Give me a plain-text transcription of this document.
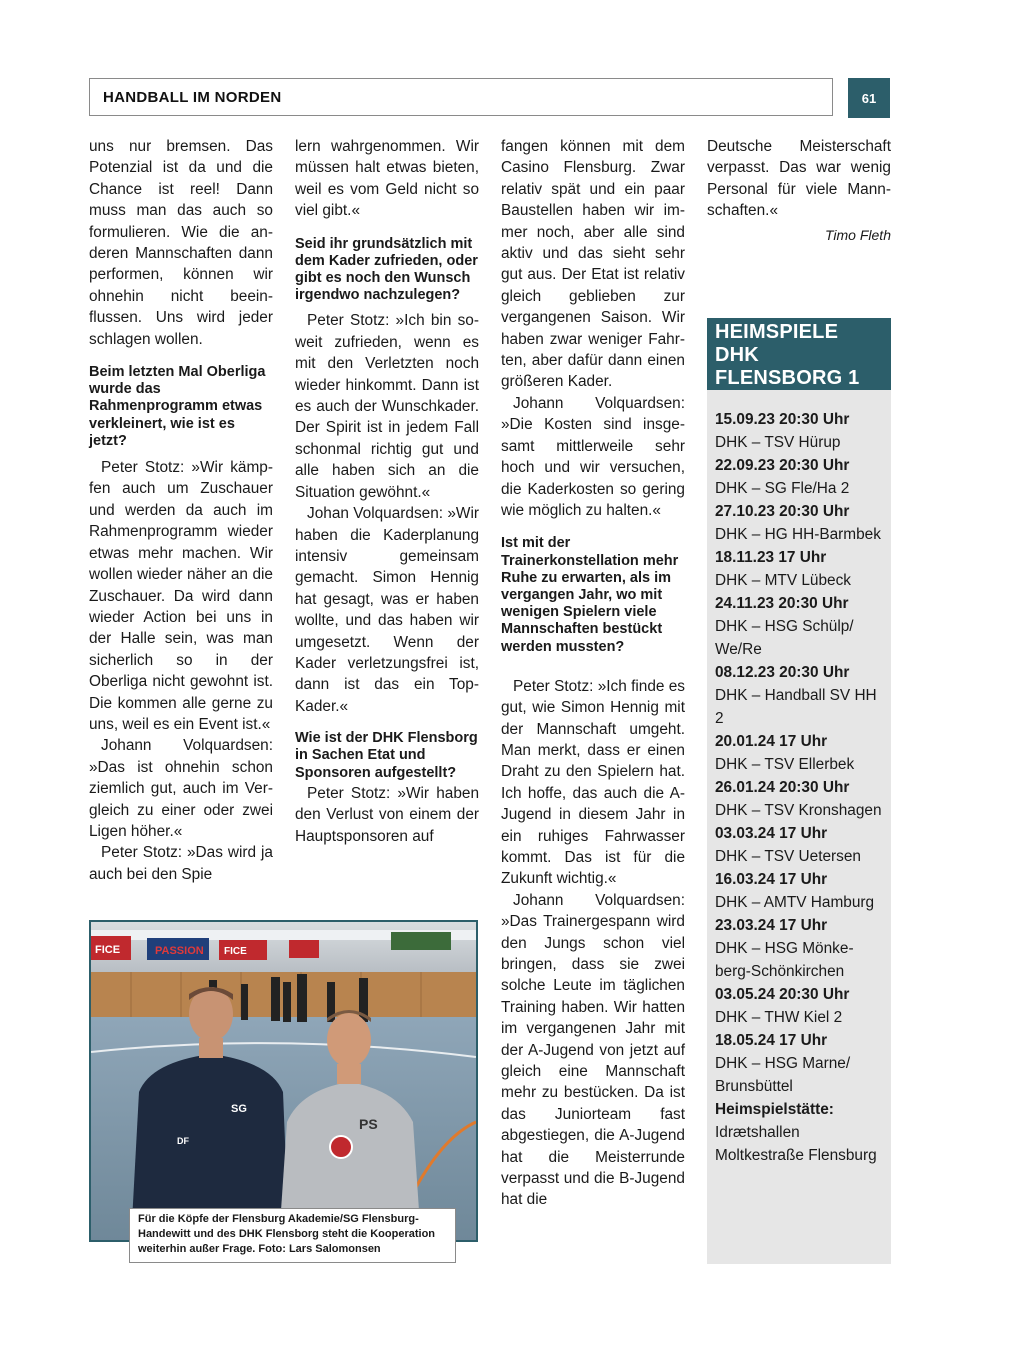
HANDBALL IM NORDEN	61

uns nur bremsen. Das Potenzial ist da und die Chance ist reel! Dann muss man das auch so formulieren. Wie die anderen Mannschaften dann performen, können wir ohnehin nicht beeinflussen. Uns wird jeder schlagen wollen.

Beim letzten Mal Oberliga wurde das Rahmenprogramm etwas verkleinert, wie ist es jetzt?

Peter Stotz: »Wir kämpfen auch um Zuschauer und werden da auch im Rahmenprogramm wieder etwas mehr machen. Wir wollen wieder näher an die Zuschauer. Da wird dann wieder Action bei uns in der Halle sein, was man sicherlich so in der Oberliga nicht gewohnt ist. Die kommen alle gerne zu uns, weil es ein Event ist.«

Johann Volquardsen: »Das ist ohnehin schon ziemlich gut, auch im Vergleich zu einer oder zwei Ligen höher.«

Peter Stotz: »Das wird ja auch bei den Spie

lern wahrgenommen. Wir müssen halt etwas bieten, weil es vom Geld nicht so viel gibt.«

Seid ihr grundsätzlich mit dem Kader zufrieden, oder gibt es noch den Wunsch irgendwo nachzulegen?

Peter Stotz: »Ich bin soweit zufrieden, wenn es mit den Verletzten noch wieder hinkommt. Dann ist es auch der Wunschkader. Der Spirit ist in jedem Fall schonmal richtig gut und alle haben sich an die Situation gewöhnt.«

Johan Volquardsen: »Wir haben die Kaderplanung intensiv gemeinsam gemacht. Simon Hennig hat gesagt, was er haben wollte, und das haben wir umgesetzt. Wenn der Kader verletzungsfrei ist, dann ist das ein Top-Kader.«

Wie ist der DHK Flensborg in Sachen Etat und Sponsoren aufgestellt?

Peter Stotz: »Wir haben den Verlust von einem der Hauptsponsoren auf

fangen können mit dem Casino Flensburg. Zwar relativ spät und ein paar Baustellen haben wir immer noch, aber alle sind aktiv und das sieht sehr gut aus. Der Etat ist relativ gleich geblieben zur vergangenen Saison. Wir haben zwar weniger Fahrten, aber dafür dann einen größeren Kader.

Johann Volquardsen: »Die Kosten sind insgesamt mittlerweile sehr hoch und wir versuchen, die Kaderkosten so gering wie möglich zu halten.«

Ist mit der Trainerkonstellation mehr Ruhe zu erwarten, als im vergangen Jahr, wo mit wenigen Spielern viele Mannschaften bestückt werden mussten?

Peter Stotz: »Ich finde es gut, wie Simon Hennig mit der Mannschaft umgeht. Man merkt, dass er einen Draht zu den Spielern hat. Ich hoffe, das auch die A-Jugend in diesem Jahr in ein ruhiges Fahrwasser kommt. Das ist für die Zukunft wichtig.«

Johann Volquardsen: »Das Trainergespann wird den Jungs schon viel bringen, dass sie zwei solche Leute im täglichen Training haben. Wir hatten im vergangenen Jahr mit der A-Jugend von jetzt auf gleich eine Mannschaft mehr zu bestücken. Da ist das Juniorteam fast abgestiegen, die A-Jugend hat die Meisterrunde verpasst und die B-Jugend hat die

Deutsche Meisterschaft verpasst. Das war wenig Personal für viele Mannschaften.«

Timo Fleth
FICE	PASSION FICE
SG
DF
PS
Für die Köpfe der Flensburg Akademie/SG Flensburg-Handewitt und des DHK Flensborg steht die Kooperation weiterhin außer Frage. Foto: Lars Salomonsen
HEIMSPIELE DHK FLENSBORG 1
15.09.23 20:30 Uhr
DHK – TSV Hürup
22.09.23 20:30 Uhr
DHK – SG Fle/Ha 2
27.10.23 20:30 Uhr
DHK – HG HH-Barmbek
18.11.23 17 Uhr
DHK – MTV Lübeck
24.11.23 20:30 Uhr
DHK – HSG Schülp/ We/Re
08.12.23 20:30 Uhr
DHK – Handball SV HH 2
20.01.24 17 Uhr
DHK – TSV Ellerbek
26.01.24 20:30 Uhr
DHK – TSV Kronshagen
03.03.24 17 Uhr
DHK – TSV Uetersen
16.03.24 17 Uhr
DHK – AMTV Hamburg
23.03.24 17 Uhr
DHK – HSG Mönkeberg-Schönkirchen
03.05.24 20:30 Uhr
DHK – THW Kiel 2
18.05.24 17 Uhr
DHK – HSG Marne/ Brunsbüttel
Heimspielstätte:
Idrætshallen Moltkestraße Flensburg
